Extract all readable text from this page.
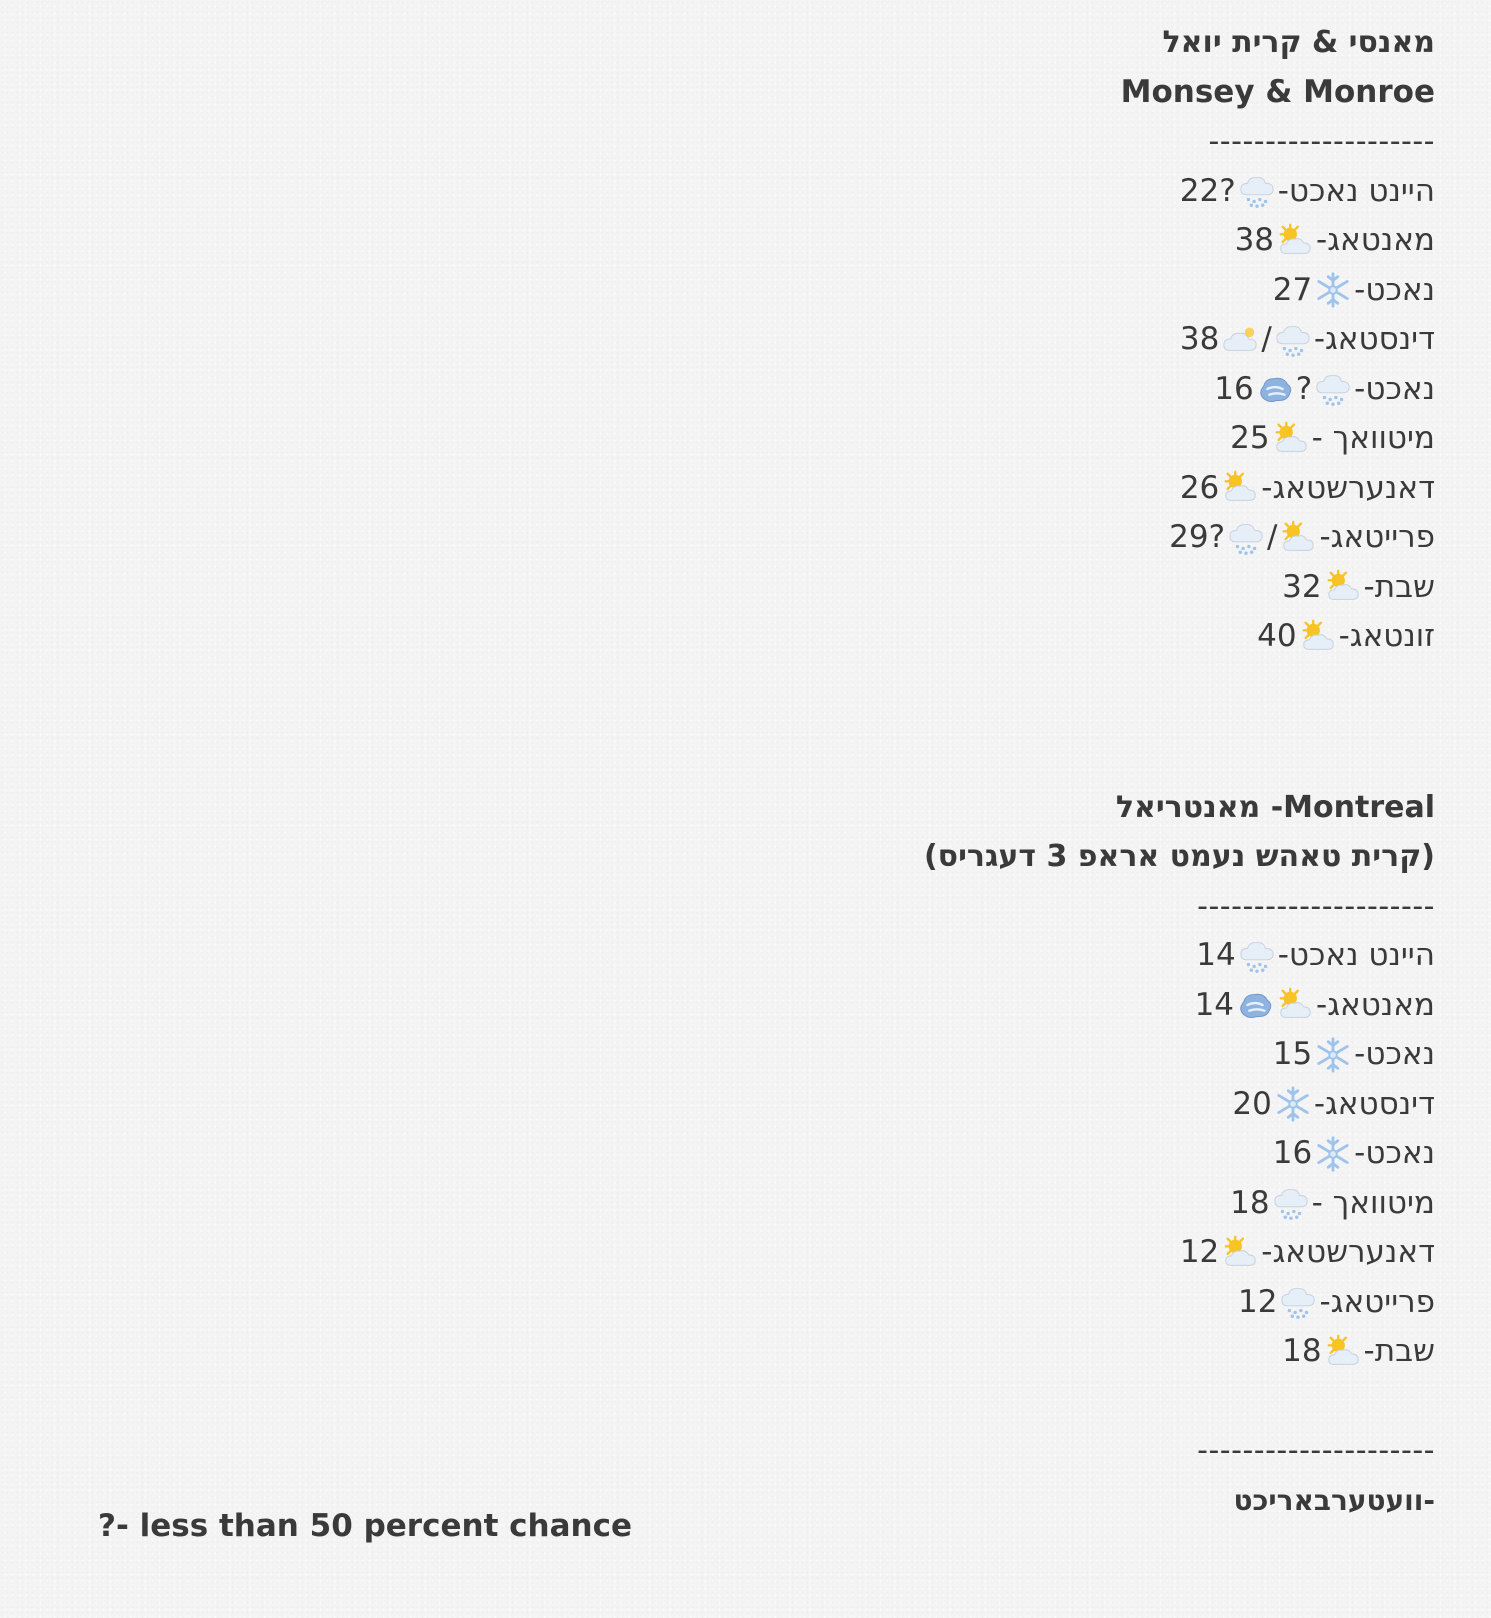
מאנסי & קרית יואל
Monsey & Monroe
--------------------
היינט נאכט-
22?
מאנטאג-
38
נאכט-
27
דינסטאג-
/
38
נאכט-
?
16
מיטוואך -
25
דאנערשטאג-
26
פרייטאג-
/
29?
שבת-
32
זונטאג-
40
Montreal- מאנטריאל
(קרית טאהש נעמט אראפ 3 דעגריס)
---------------------
היינט נאכט-
14
מאנטאג-
14
נאכט-
15
דינסטאג-
20
נאכט-
16
מיטוואך -
18
דאנערשטאג-
12
פרייטאג-
12
שבת-
18
---------------------
-וועטערבאריכט
?- less than 50 percent chance
